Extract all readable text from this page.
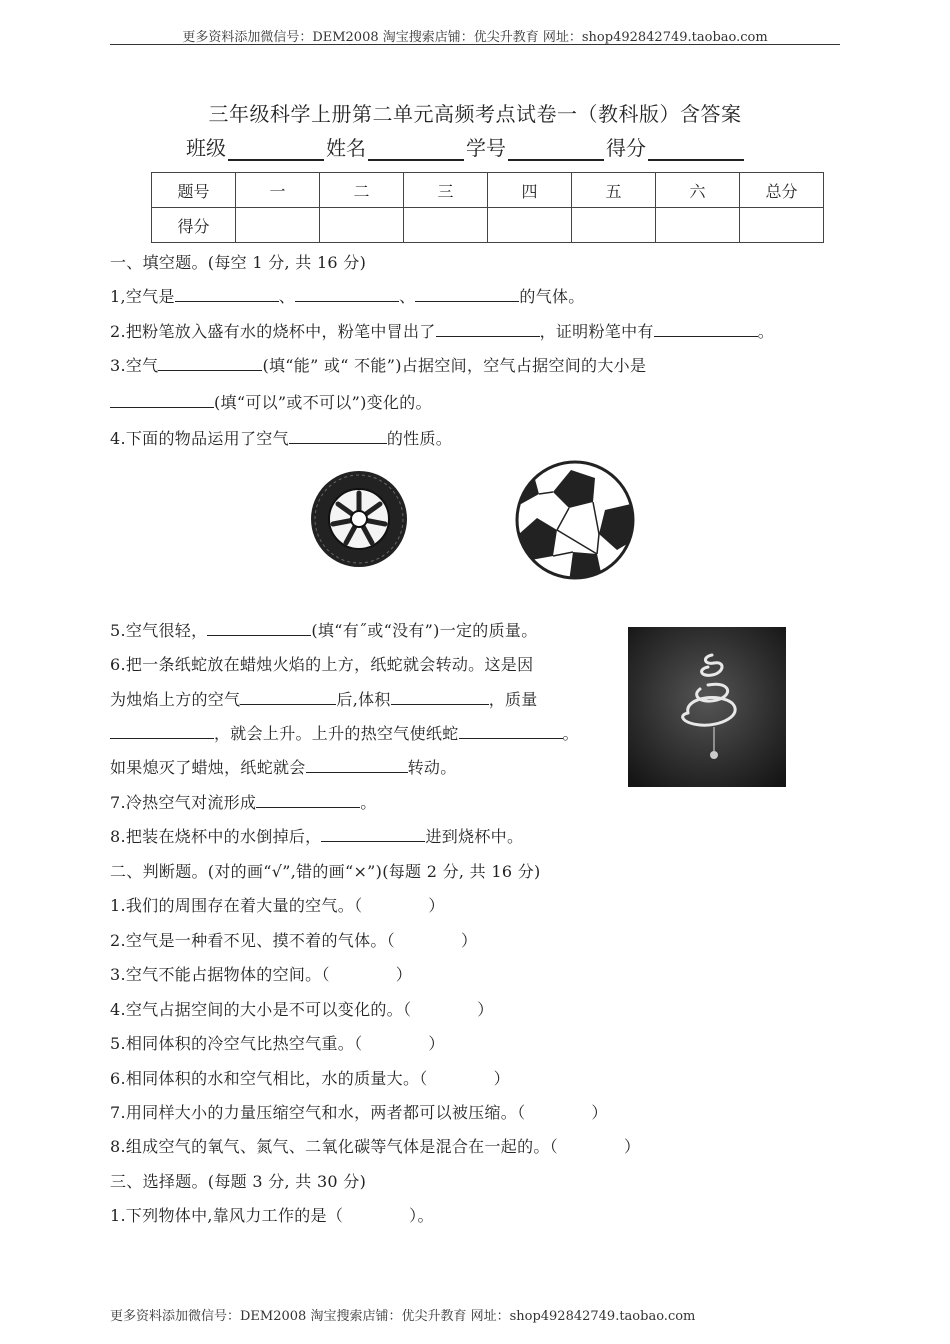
更多资料添加微信号：DEM2008 淘宝搜索店铺：优尖升教育 网址：shop492842749.taobao.com
三年级科学上册第二单元高频考点试卷一（教科版）含答案
班级	姓名	学号	得分
题号	一	二	三	四	五	六	总分
得分							
一、填空题。(每空 1 分, 共 16 分)
1,空气是	、	、	的气体。
2.把粉笔放入盛有水的烧杯中，粉笔中冒出了	，证明粉笔中有	。
3.空气	(填“能” 或“ 不能”)占据空间，空气占据空间的大小是
(填“可以”或不可以”)变化的。
4.下面的物品运用了空气	的性质。
5.空气很轻，	(填“有˝或“没有”)一定的质量。
6.把一条纸蛇放在蜡烛火焰的上方，纸蛇就会转动。这是因
为烛焰上方的空气	后,体积	，质量
，就会上升。上升的热空气使纸蛇	。
如果熄灭了蜡烛，纸蛇就会	转动。
7.冷热空气对流形成	。
8.把装在烧杯中的水倒掉后，	进到烧杯中。
二、判断题。(对的画“√”,错的画“×”)(每题 2 分, 共 16 分)
1.我们的周围存在着大量的空气。（	）
2.空气是一种看不见、摸不着的气体。（	）
3.空气不能占据物体的空间。（	）
4.空气占据空间的大小是不可以变化的。（	）
5.相同体积的冷空气比热空气重。（	）
6.相同体积的水和空气相比，水的质量大。（	）
7.用同样大小的力量压缩空气和水，两者都可以被压缩。（	）
8.组成空气的氧气、氮气、二氧化碳等气体是混合在一起的。（	）
三、选择题。(每题 3 分, 共 30 分)
1.下列物体中,靠风力工作的是（	）。
更多资料添加微信号：DEM2008 淘宝搜索店铺：优尖升教育 网址：shop492842749.taobao.com
